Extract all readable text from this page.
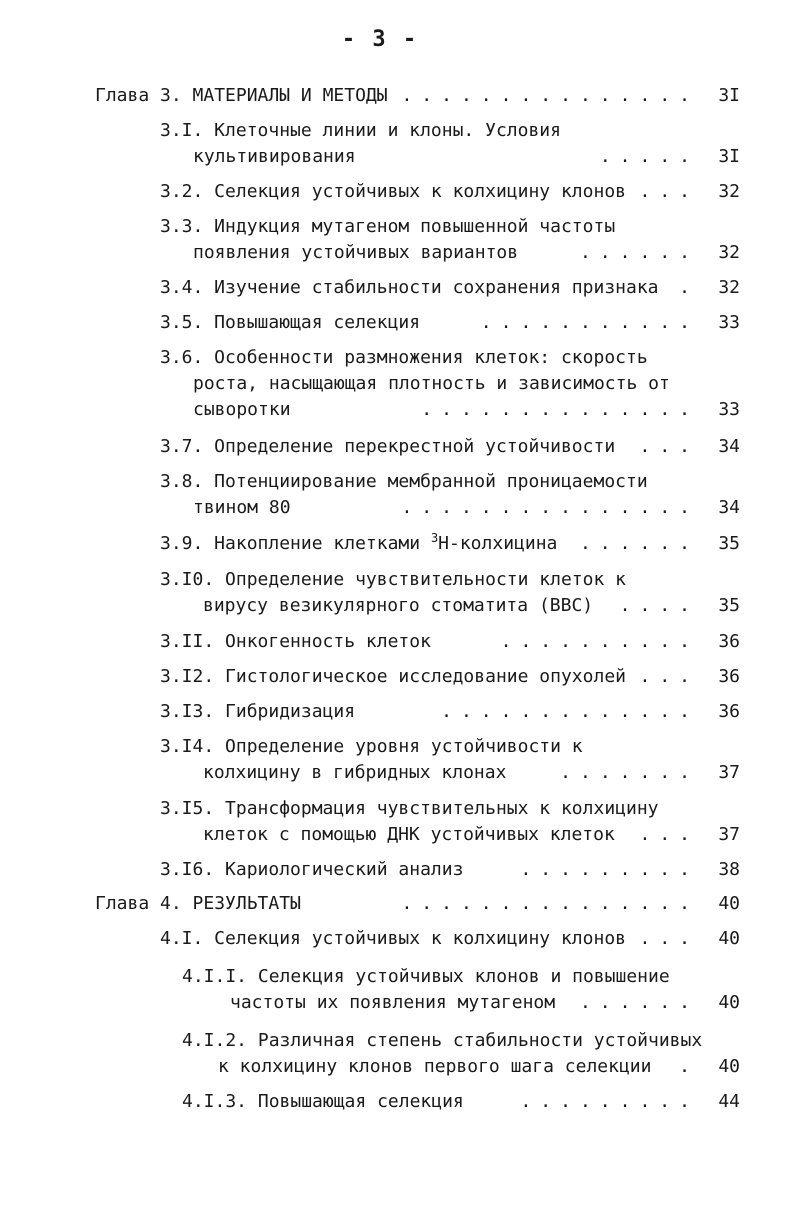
- 3 -
Глава 3. МАТЕРИАЛЫ И МЕТОДЫ ...............	3I
3.I. Клеточные линии и клоны. Условия
культивирования	.....	3I
3.2. Селекция устойчивых к колхицину клонов ...	32
3.3. Индукция мутагеном повышенной частоты
появления устойчивых вариантов	......	32
3.4. Изучение стабильности сохранения признака .	32
3.5. Повышающая селекция	...........	33
3.6. Особенности размножения клеток: скорость
роста, насыщающая плотность и зависимость от
сыворотки	..............	33
3.7. Определение перекрестной устойчивости ...	34
3.8. Потенциирование мембранной проницаемости
твином 80	...............	34
3.9. Накопление клетками $^3$Н-колхицина ......	35
3.I0. Определение чувствительности клеток к
вирусу везикулярного стоматита (ВВС) ....	35
3.II. Онкогенность клеток	..........	36
3.I2. Гистологическое исследование опухолей ...	36
3.I3. Гибридизация	.............	36
3.I4. Определение уровня устойчивости к
колхицину в гибридных клонах	.......	37
3.I5. Трансформация чувствительных к колхицину
клеток с помощью ДНК устойчивых клеток ...	37
3.I6. Кариологический анализ	.........	38
Глава 4. РЕЗУЛЬТАТЫ	...............	40
4.I. Селекция устойчивых к колхицину клонов ...	40
4.I.I. Селекция устойчивых клонов и повышение
частоты их появления мутагеном ......	40
4.I.2. Различная степень стабильности устойчивых
к колхицину клонов первого шага селекции .	40
4.I.3. Повышающая селекция	.........	44
